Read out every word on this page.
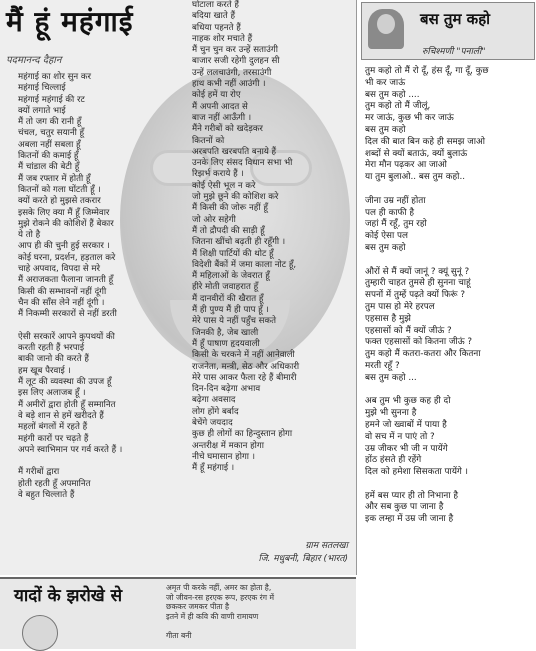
मैं हूं महंगाई
पदमानन्द दैहान
महंगाई का शोर सुन कर
महंगाई चिल्लाई
महंगाई महंगाई की रट
क्यों लगाते भाई
मैं तो जग की रानी हूँ
चंचल, चतुर सयानी हूँ
अबला नहीं सबला हूँ
कितनों की कमाई हूँ
मैं चांडाल की बेटी हूँ
मैं जब रफ्तार में होती हूँ
कितनों को गला घोंटती हूँ ।
क्यों करते हो मुझसे तकरार
इसके लिए क्या मैं हूँ जिम्मेवार
मुझे रोकने की कोशिशें हैं बेकार
ये तो है
आप ही की चुनी हुई सरकार ।
कोई घरना, प्रदर्शन, हड़ताल करे
चाहे अपवाद, विपदा से मरे
मैं अराजकता फैलाना जानती हूँ
किसी की सम्भावनों नहीं दूंगी
चैन की साँस लेने नहीं दूंगी ।
मैं निकम्मी सरकारों से नहीं डरती
ऐसी सरकारें आपने कुपथयों की
करती रहती हैं भरपाई
बाकी जानो की करते हैं
हम खूब पैरवाई ।
मैं लूट की व्यवस्था की उपज हूँ
इस लिए अलाजब हूँ ।
मैं अमीरों द्वारा होती हूँ सम्मानित
वे बड़े शान से हमें खरीदते हैं
महलों बंगलों में रहते हैं
महंगी कारों पर चढ़ते हैं
अपने स्वाभिमान पर गर्व करते हैं ।
मैं गरीबों द्वारा
होती रहती हूँ अपमानित
वे बहुत चिल्लाते हैं
घोटाला करते हैं
बदिया खाते हैं
बधिया पहनते हैं
नाहक शोर मचाते हैं
मैं चुन चुन कर उन्हें सताउंगी
बाजार सजी रहेगी दुलहन सी
उन्हें ललचाउंगी, तरसाउंगी
हाथ कभी नहीं आउंगी ।
कोई हमें या रोए
मैं अपनी आदत से
बाज नहीं आऊँगी ।
मैंने गरीबों को खदेड़कर
कितनों को
अरबपति खरबपति बनाये हैं
उनके लिए संसद विधान सभा भी
रिझर्भ कराये हैं ।
कोई ऐसी भूल न करे
जो मुझे छूने की कोशिश करे
मैं किसी की जोरू नहीं हूँ
जो ओर सहेगी
मैं तो द्रौपदी की साड़ी हूँ
जितना खींचो बढ़ती ही रहूँगी ।
मैं शिक्षी पार्टियों की थोट हूँ
विदेशी बैंकों में जमा काला नोट हूँ,
मैं महिलाओं के जेवरात हूँ
हीरे मोती जवाहरात हूँ
मैं दानवीरों की खैरात हूँ
मैं ही पुण्य मैं ही पाप हूँ ।
मेरे पास ये नहीं पहुँच सकते
जिनकी है, जेब खाली
मैं हूँ पाषाण हृदयवाली
किसी के चरकने में नहीं आनेवाली
राजनेता, मन्त्री, सेठ और अधिकारी
मेरे पास आकर फैला रहे हैं बीमारी
दिन-दिन बढ़ेगा अभाव
बढ़ेगा अवसाद
लोग होंगे बर्बाद
बेचेंगे जयदाद
कुछ ही लोगों का हिन्दुस्तान होगा
अन्तरीक्ष में मकान होगा
नीचे घमासान होगा ।
मैं हूँ महंगाई ।
ग्राम सतलखा
जि. मधुबनी, बिहार (भारत)
बस तुम कहो
रुचिश्मणी "पनाली"
तुम कहो तो मैं रो दूँ, हंस दूँ, गा दूँ, कुछ
भी कर जाऊं
बस तुम कहो ....
तुम कहो तो मैं जीलूं,
मर जाऊं, कुछ भी कर जाऊं
बस तुम कहो
दिल की बात बिन कहे ही समझ जाओ
शब्दों से क्यों बताऊं, क्यों बुलाऊं
मेरा मौन पढ़कर आ जाओ
या तुम बुलाओ.. बस तुम कहो..
जीना उम्र नहीं होता
पल ही काफी है
जहां मैं रहूँ, तुम रहो
कोई ऐसा पल
बस तुम कहो
औरों से मैं क्यों जानूं ? क्यूं सुनूं ?
तुम्हारी चाहत तुमसे ही सुनना चाहूं
सपनों में तुम्हें पढ़ते क्यों फिरूं ?
तुम पास हो मेरे हरपल
एहसास है मुझे
एहसासों को मैं क्यों जीऊं ?
फक्त एहसासों को कितना जीऊं ?
तुम कहो मैं कतरा-कतरा और कितना
मरती रहूँ ?
बस तुम कहो ...
अब तुम भी कुछ कह ही दो
मुझे भी सुनना है
हमने जो ख्वाबों में पाया है
वो सच में न पाएं तो ?
उम्र जीकर भी जी न पायेंगे
होंठ हंसते ही रहेंगे
दिल को हमेशा सिसकता पायेंगे ।
हमें बस प्यार ही तो निभाना है
और सब कुछ पा जाना है
इक लम्हा में उम्र जी जाना है
यादों के झरोखे से	अमृत पी करके नहीं, अमर का होता है,
जो जीवन-रस हरएक रूप, हरएक रंग में
छककर जमकर पीता है
इतने में ही कवि की वाणी रामायण
गीता बनी
